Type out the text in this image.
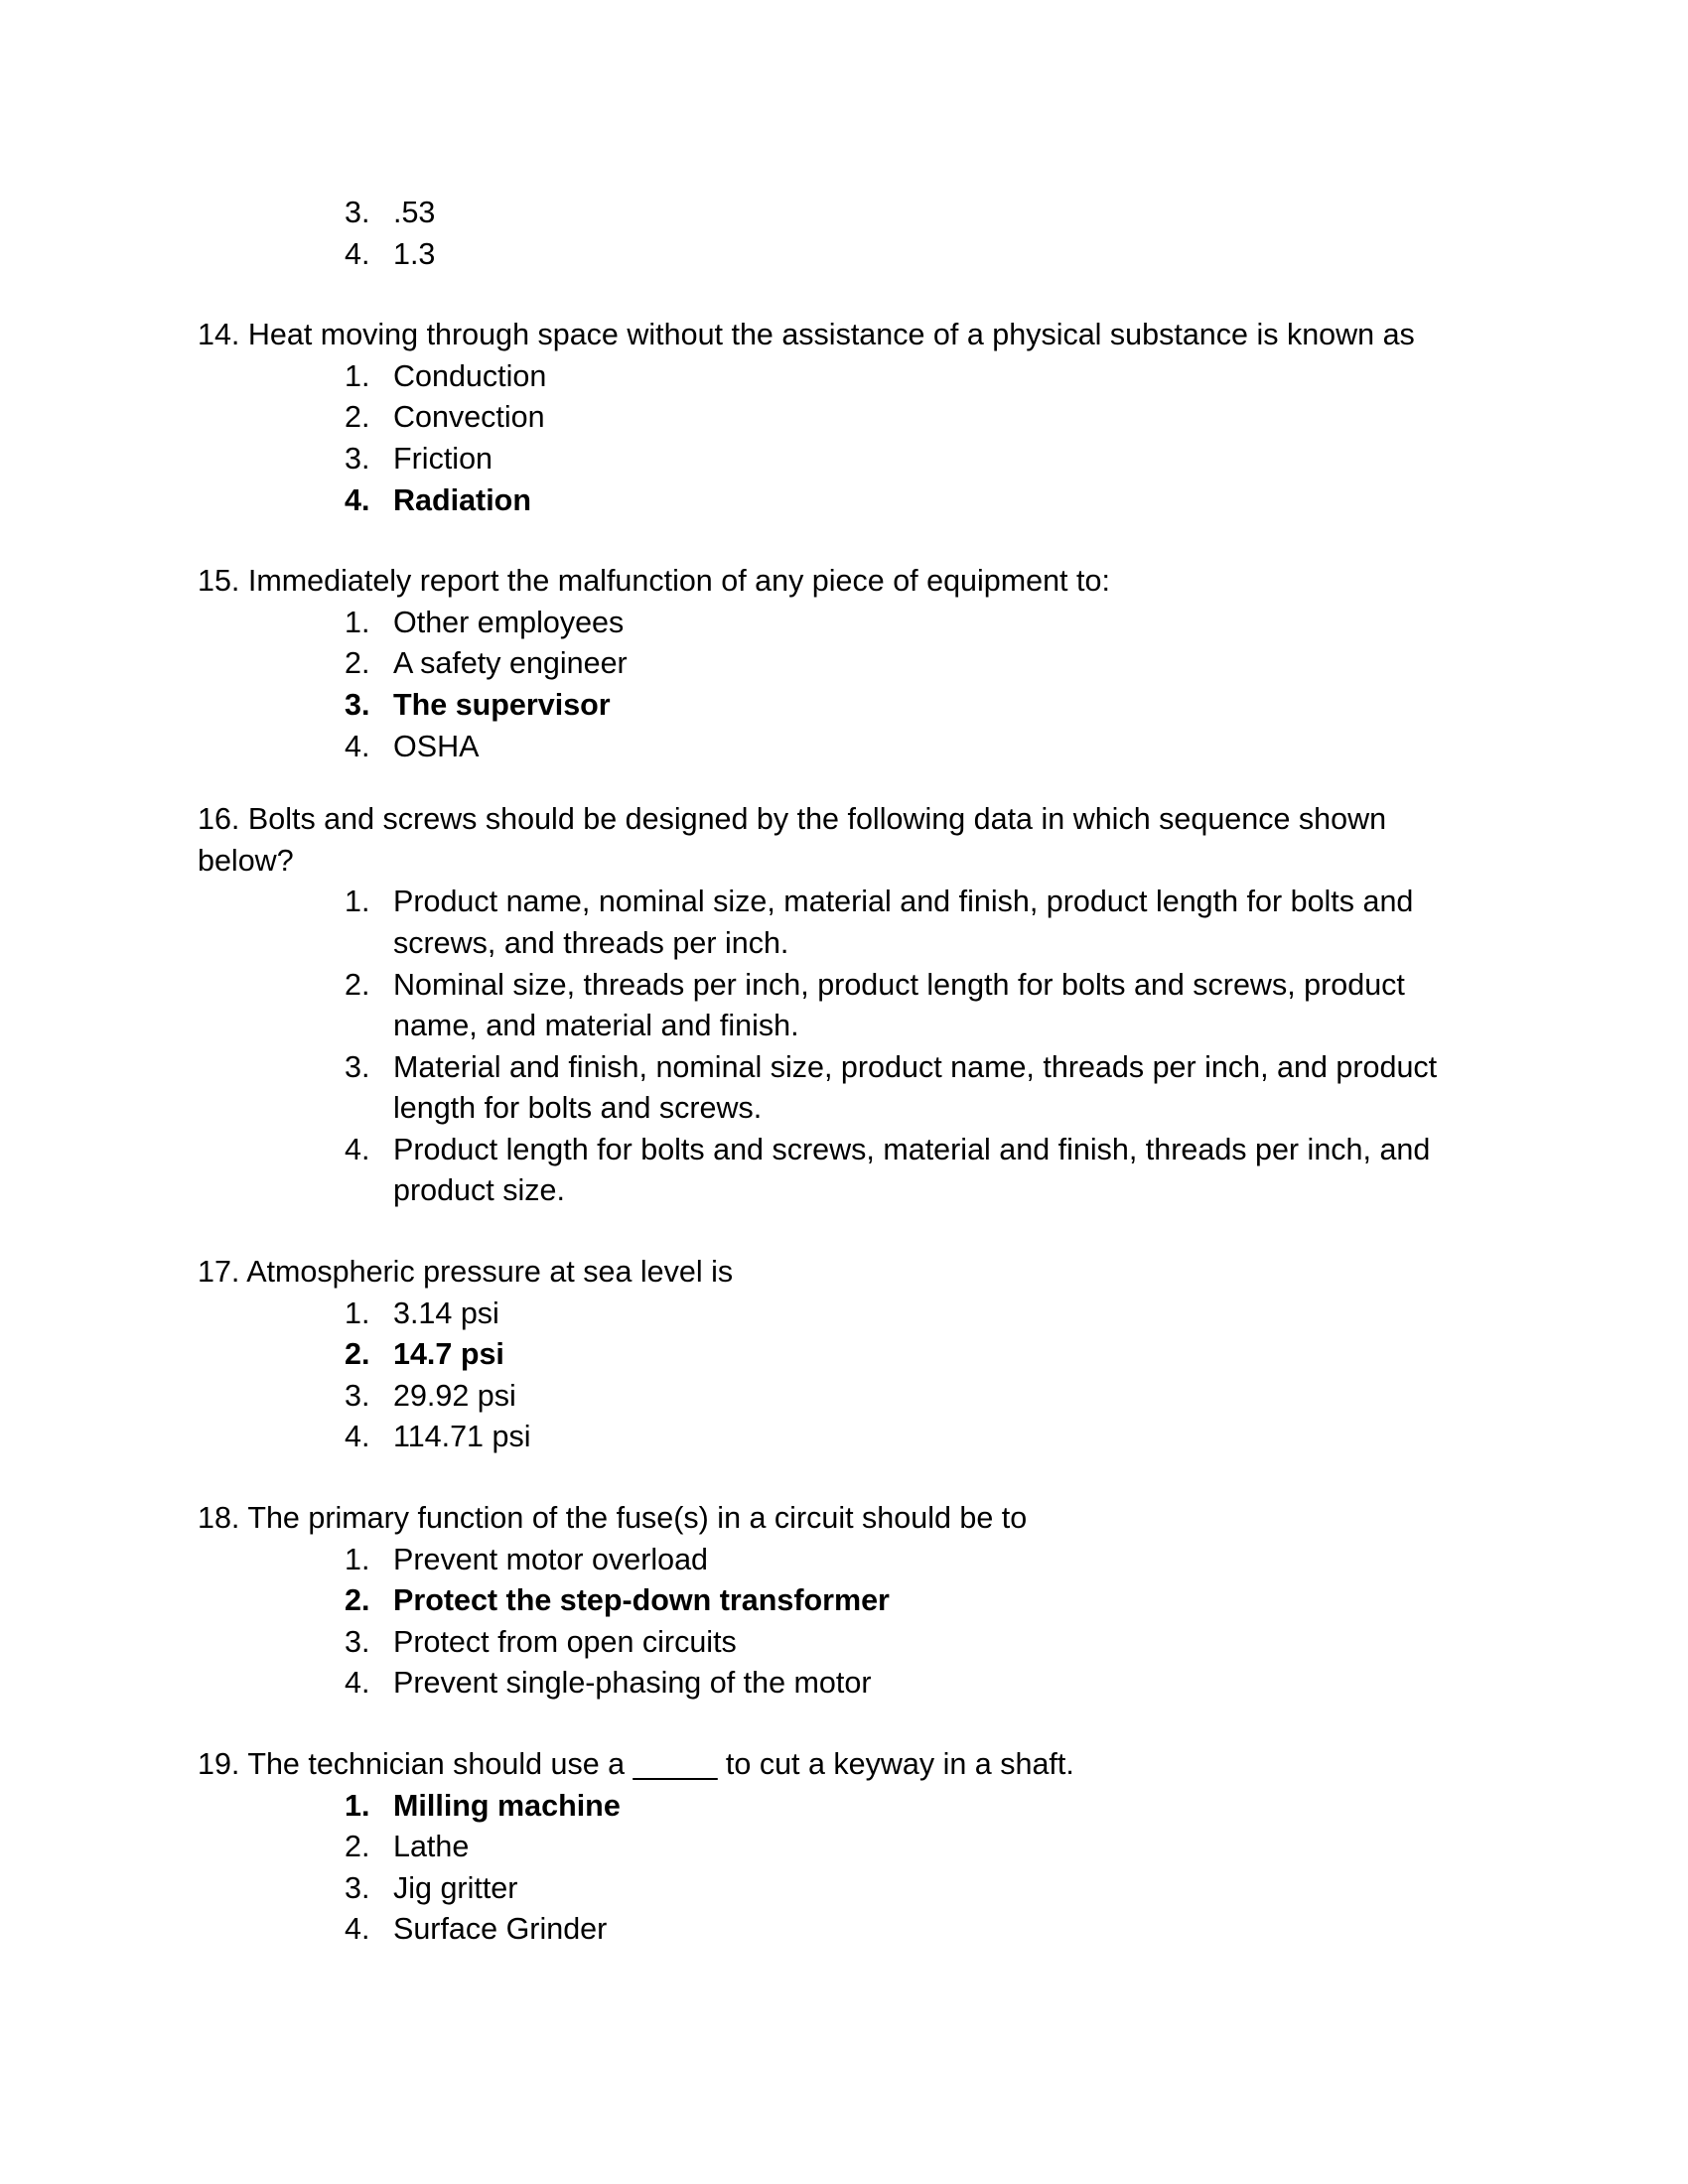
3. .53
4. 1.3
14. Heat moving through space without the assistance of a physical substance is known as
1. Conduction
2. Convection
3. Friction
4. Radiation
15. Immediately report the malfunction of any piece of equipment to:
1. Other employees
2. A safety engineer
3. The supervisor
4. OSHA
16. Bolts and screws should be designed by the following data in which sequence shown below?
1. Product name, nominal size, material and finish, product length for bolts and screws, and threads per inch.
2. Nominal size, threads per inch, product length for bolts and screws, product name, and material and finish.
3. Material and finish, nominal size, product name, threads per inch, and product length for bolts and screws.
4. Product length for bolts and screws, material and finish, threads per inch, and product size.
17. Atmospheric pressure at sea level is
1. 3.14 psi
2. 14.7 psi
3. 29.92 psi
4. 114.71 psi
18. The primary function of the fuse(s) in a circuit should be to
1. Prevent motor overload
2. Protect the step-down transformer
3. Protect from open circuits
4. Prevent single-phasing of the motor
19. The technician should use a _____ to cut a keyway in a shaft.
1. Milling machine
2. Lathe
3. Jig gritter
4. Surface Grinder
